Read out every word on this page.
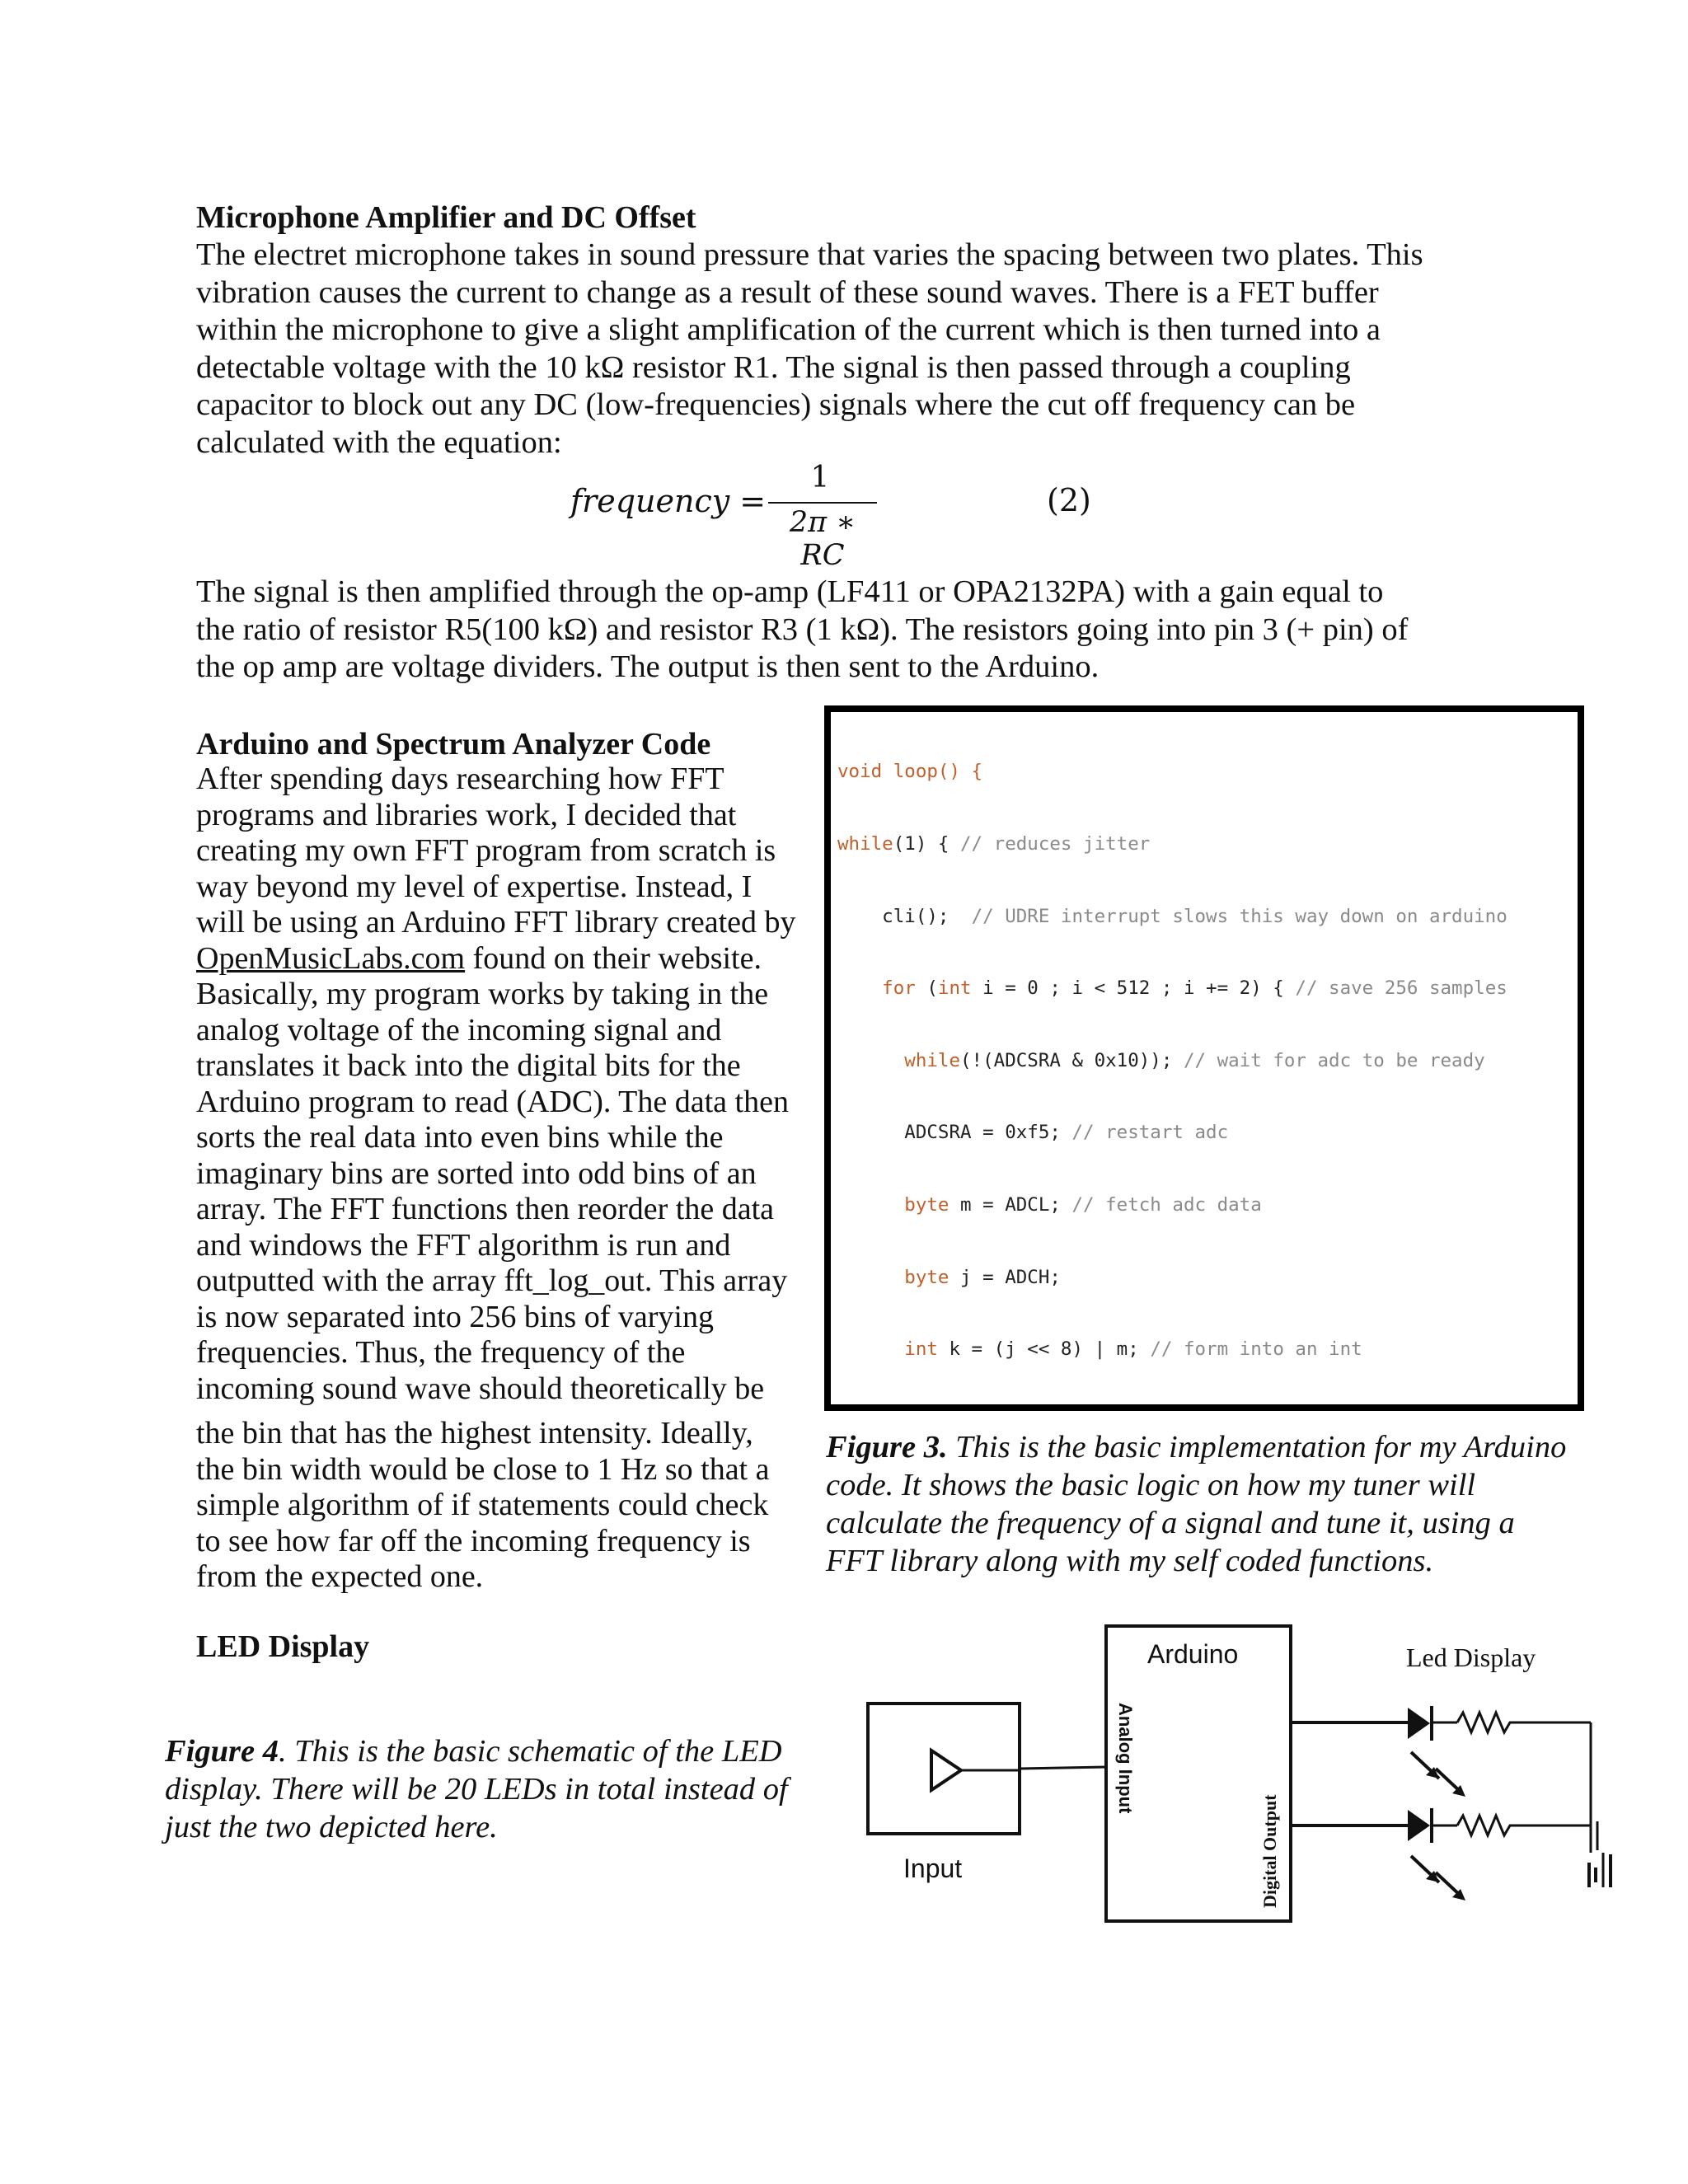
Microphone Amplifier and DC Offset
The electret microphone takes in sound pressure that varies the spacing between two plates. This
vibration causes the current to change as a result of these sound waves. There is a FET buffer
within the microphone to give a slight amplification of the current which is then turned into a
detectable voltage with the 10 kΩ resistor R1. The signal is then passed through a coupling
capacitor to block out any DC (low-frequencies) signals where the cut off frequency can be
calculated with the equation:
frequency =
1
2π ∗ RC
(2)
The signal is then amplified through the op-amp (LF411 or OPA2132PA) with a gain equal to
the ratio of resistor R5(100 kΩ) and resistor R3 (1 kΩ). The resistors going into pin 3 (+ pin) of
the op amp are voltage dividers. The output is then sent to the Arduino.
Arduino and Spectrum Analyzer Code
After spending days researching how FFT
programs and libraries work, I decided that
creating my own FFT program from scratch is
way beyond my level of expertise. Instead, I
will be using an Arduino FFT library created by
OpenMusicLabs.com found on their website.
Basically, my program works by taking in the
analog voltage of the incoming signal and
translates it back into the digital bits for the
Arduino program to read (ADC). The data then
sorts the real data into even bins while the
imaginary bins are sorted into odd bins of an
array. The FFT functions then reorder the data
and windows the FFT algorithm is run and
outputted with the array fft_log_out. This array
is now separated into 256 bins of varying
frequencies. Thus, the frequency of the
incoming sound wave should theoretically be
the bin that has the highest intensity. Ideally,
the bin width would be close to 1 Hz so that a
simple algorithm of if statements could check
to see how far off the incoming frequency is
from the expected one.

void loop() {

while(1) { // reduces jitter

cli();  // UDRE interrupt slows this way down on arduino

for (int i = 0 ; i < 512 ; i += 2) { // save 256 samples

while(!(ADCSRA & 0x10)); // wait for adc to be ready

ADCSRA = 0xf5; // restart adc

byte m = ADCL; // fetch adc data

byte j = ADCH;

int k = (j << 8) | m; // form into an int

Figure 3. This is the basic implementation for my Arduino
code. It shows the basic logic on how my tuner will
calculate the frequency of a signal and tune it, using a
FFT library along with my self coded functions.
LED Display
Figure 4. This is the basic schematic of the LED
display. There will be 20 LEDs in total instead of
just the two depicted here.
Arduino
Analog Input
Digital Output
Led Display
Input
